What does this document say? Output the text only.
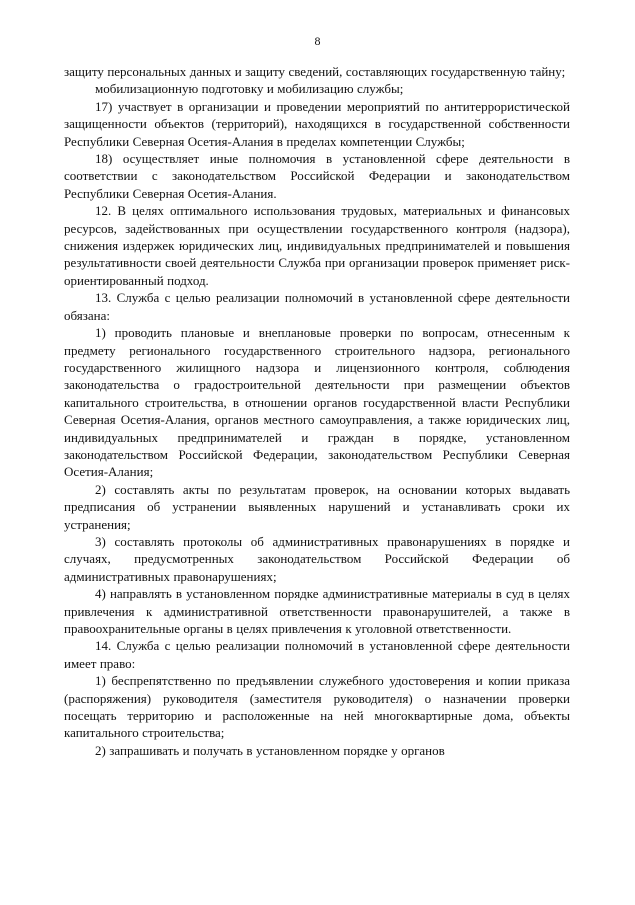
8

защиту персональных данных и защиту сведений, составляющих государственную тайну;

мобилизационную подготовку и мобилизацию службы;

17) участвует в организации и проведении мероприятий по антитеррористической защищенности объектов (территорий), находящихся в государственной собственности Республики Северная Осетия-Алания в пределах компетенции Службы;

18) осуществляет иные полномочия в установленной сфере деятельности в соответствии с законодательством Российской Федерации и законодательством Республики Северная Осетия-Алания.

12. В целях оптимального использования трудовых, материальных и финансовых ресурсов, задействованных при осуществлении государственного контроля (надзора), снижения издержек юридических лиц, индивидуальных предпринимателей и повышения результативности своей деятельности Служба при организации проверок применяет риск-ориентированный подход.

13. Служба с целью реализации полномочий в установленной сфере деятельности обязана:

1) проводить плановые и внеплановые проверки по вопросам, отнесенным к предмету регионального государственного строительного надзора, регионального государственного жилищного надзора и лицензионного контроля, соблюдения законодательства о градостроительной деятельности при размещении объектов капитального строительства, в отношении органов государственной власти Республики Северная Осетия-Алания, органов местного самоуправления, а также юридических лиц, индивидуальных предпринимателей и граждан в порядке, установленном законодательством Российской Федерации, законодательством Республики Северная Осетия-Алания;

2) составлять акты по результатам проверок, на основании которых выдавать предписания об устранении выявленных нарушений и устанавливать сроки их устранения;

3) составлять протоколы об административных правонарушениях в порядке и случаях, предусмотренных законодательством Российской Федерации об административных правонарушениях;

4) направлять в установленном порядке административные материалы в суд в целях привлечения к административной ответственности правонарушителей, а также в правоохранительные органы в целях привлечения к уголовной ответственности.

14. Служба с целью реализации полномочий в установленной сфере деятельности имеет право:

1) беспрепятственно по предъявлении служебного удостоверения и копии приказа (распоряжения) руководителя (заместителя руководителя) о назначении проверки посещать территорию и расположенные на ней многоквартирные дома, объекты капитального строительства;

2) запрашивать и получать в установленном порядке у органов
